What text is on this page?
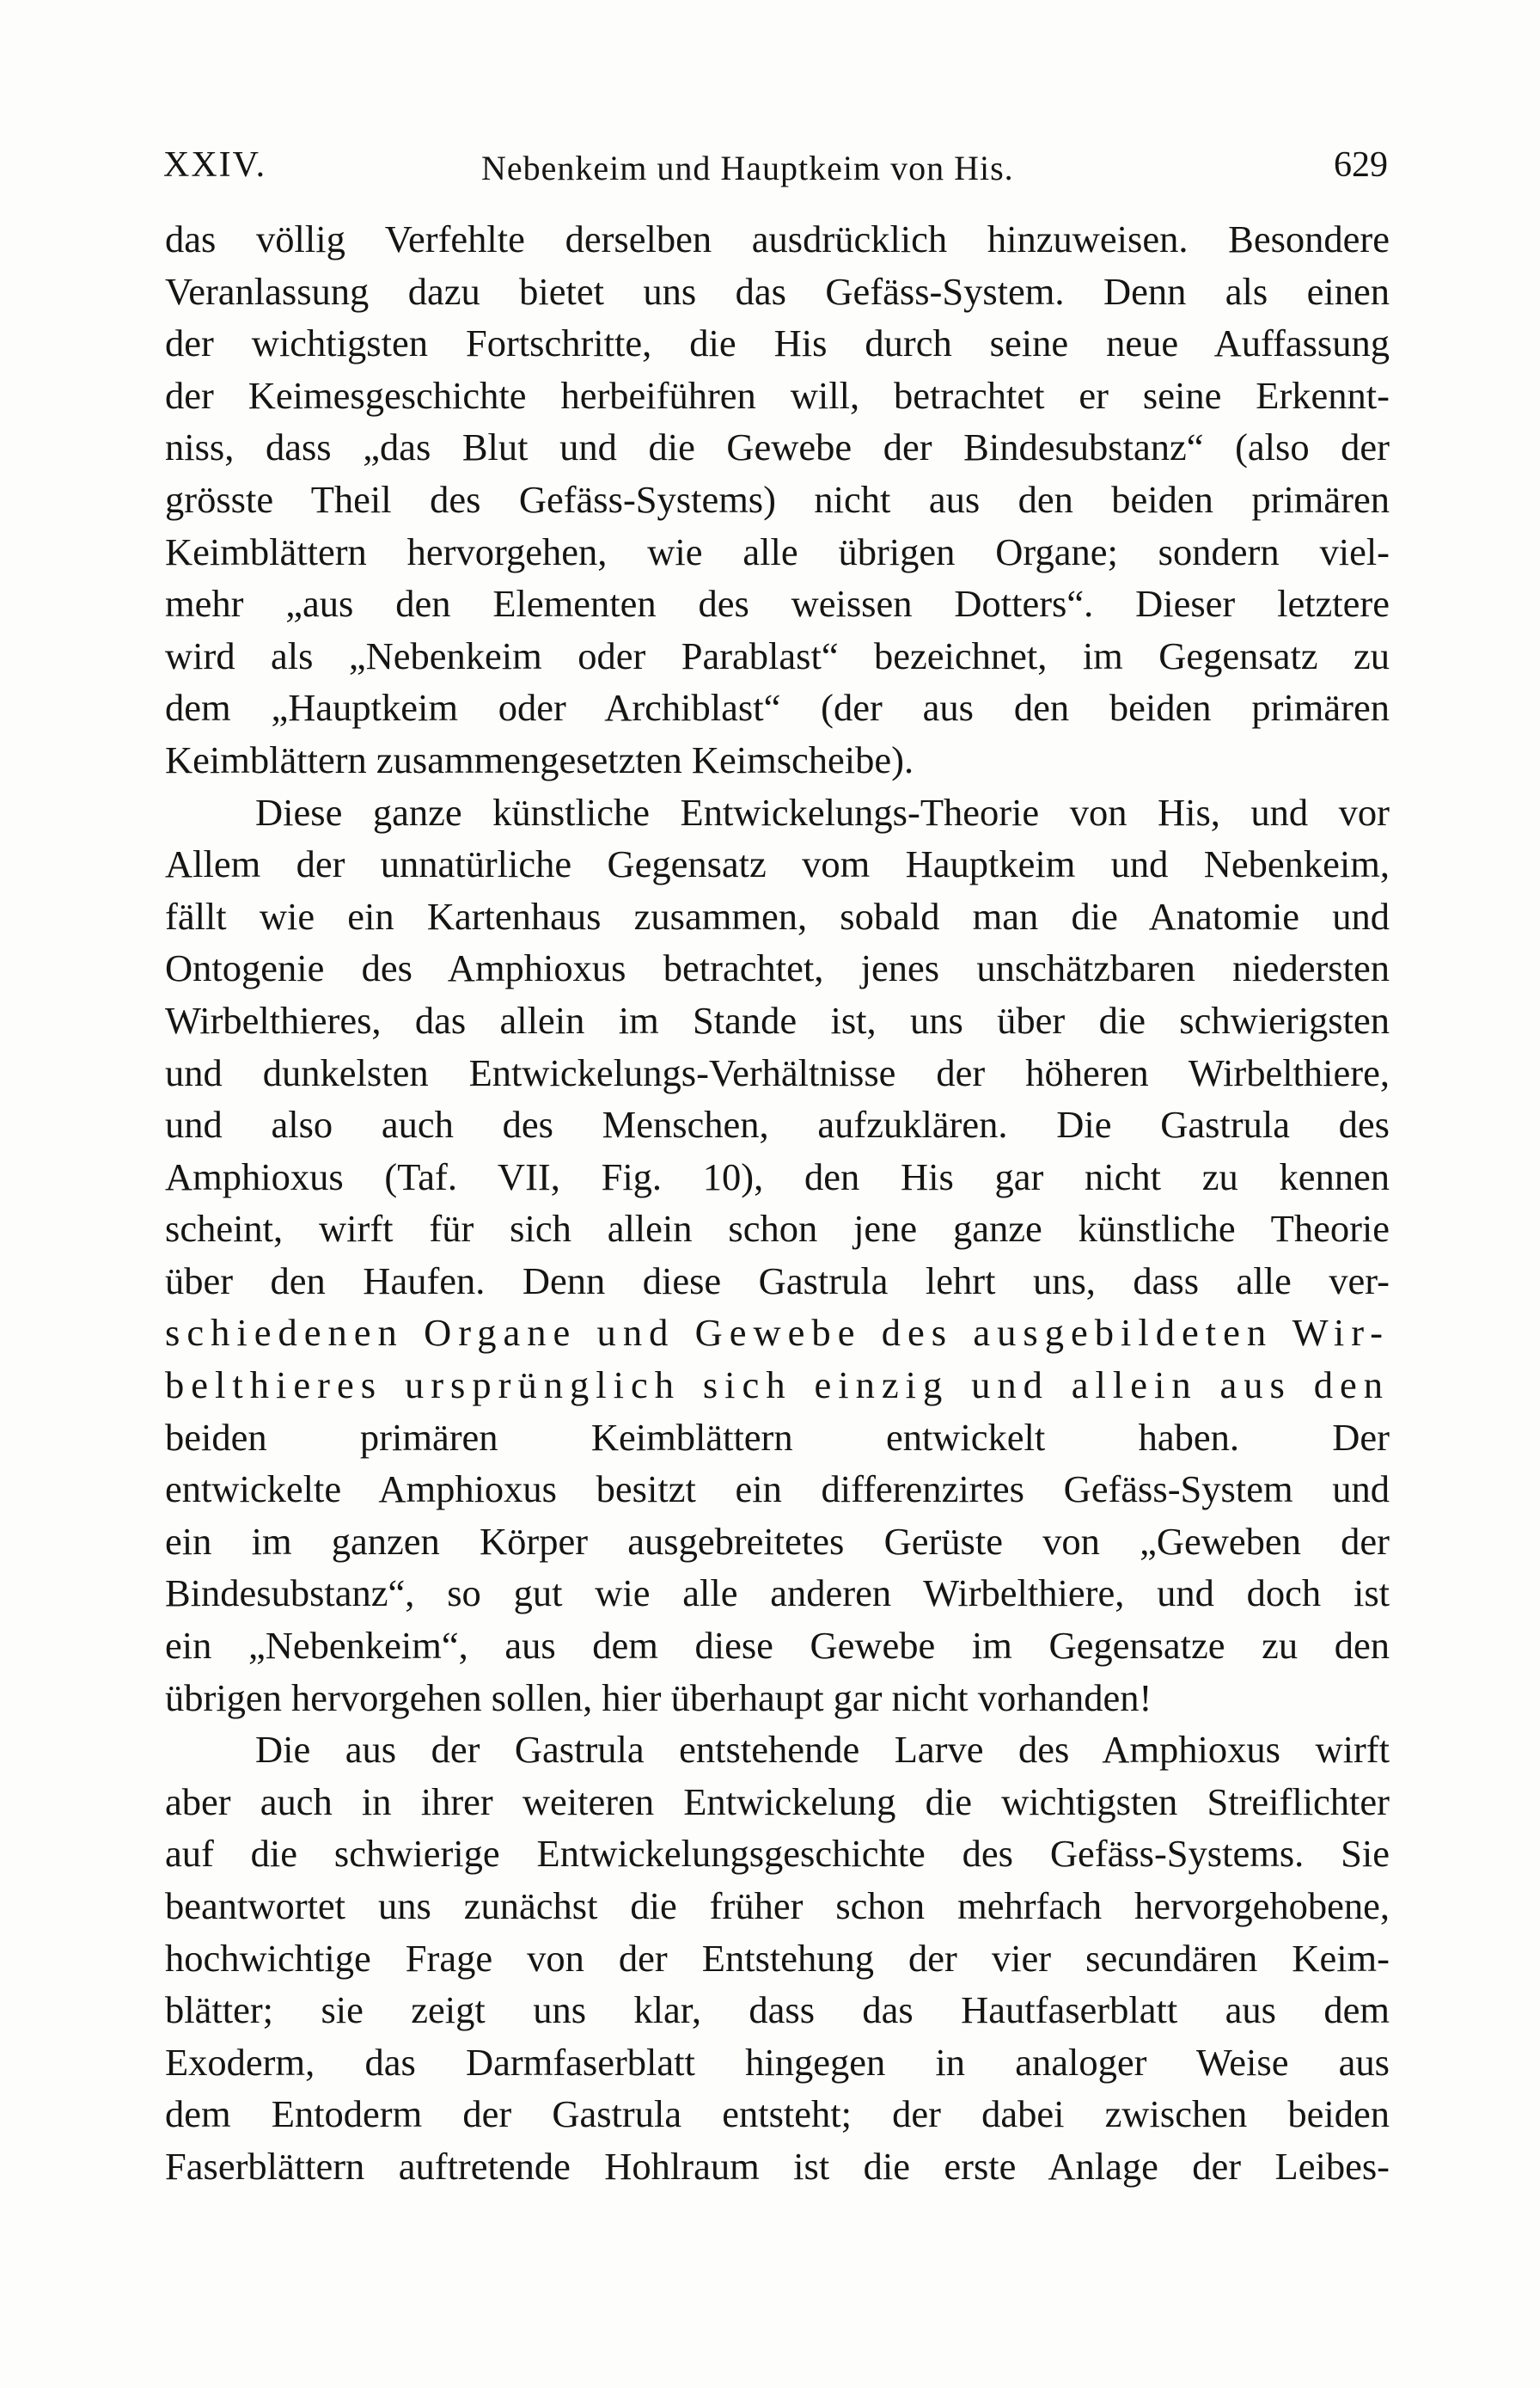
XXIV.	Nebenkeim und Hauptkeim von His.	629
das völlig Verfehlte derselben ausdrücklich hinzuweisen. Besondere
Veranlassung dazu bietet uns das Gefäss-System. Denn als einen
der wichtigsten Fortschritte, die His durch seine neue Auffassung
der Keimesgeschichte herbeiführen will, betrachtet er seine Erkennt-
niss, dass „das Blut und die Gewebe der Bindesubstanz“ (also der
grösste Theil des Gefäss-Systems) nicht aus den beiden primären
Keimblättern hervorgehen, wie alle übrigen Organe; sondern viel-
mehr „aus den Elementen des weissen Dotters“. Dieser letztere
wird als „Nebenkeim oder Parablast“ bezeichnet, im Gegensatz zu
dem „Hauptkeim oder Archiblast“ (der aus den beiden primären
Keimblättern zusammengesetzten Keimscheibe).
Diese ganze künstliche Entwickelungs-Theorie von His, und vor
Allem der unnatürliche Gegensatz vom Hauptkeim und Nebenkeim,
fällt wie ein Kartenhaus zusammen, sobald man die Anatomie und
Ontogenie des Amphioxus betrachtet, jenes unschätzbaren niedersten
Wirbelthieres, das allein im Stande ist, uns über die schwierigsten
und dunkelsten Entwickelungs-Verhältnisse der höheren Wirbelthiere,
und also auch des Menschen, aufzuklären. Die Gastrula des
Amphioxus (Taf. VII, Fig. 10), den His gar nicht zu kennen
scheint, wirft für sich allein schon jene ganze künstliche Theorie
über den Haufen. Denn diese Gastrula lehrt uns, dass alle ver-
schiedenen Organe und Gewebe des ausgebildeten Wir-
belthieres ursprünglich sich einzig und allein aus den
beiden primären Keimblättern entwickelt haben. Der
entwickelte Amphioxus besitzt ein differenzirtes Gefäss-System und
ein im ganzen Körper ausgebreitetes Gerüste von „Geweben der
Bindesubstanz“, so gut wie alle anderen Wirbelthiere, und doch ist
ein „Nebenkeim“, aus dem diese Gewebe im Gegensatze zu den
übrigen hervorgehen sollen, hier überhaupt gar nicht vorhanden!
Die aus der Gastrula entstehende Larve des Amphioxus wirft
aber auch in ihrer weiteren Entwickelung die wichtigsten Streiflichter
auf die schwierige Entwickelungsgeschichte des Gefäss-Systems. Sie
beantwortet uns zunächst die früher schon mehrfach hervorgehobene,
hochwichtige Frage von der Entstehung der vier secundären Keim-
blätter; sie zeigt uns klar, dass das Hautfaserblatt aus dem
Exoderm, das Darmfaserblatt hingegen in analoger Weise aus
dem Entoderm der Gastrula entsteht; der dabei zwischen beiden
Faserblättern auftretende Hohlraum ist die erste Anlage der Leibes-
